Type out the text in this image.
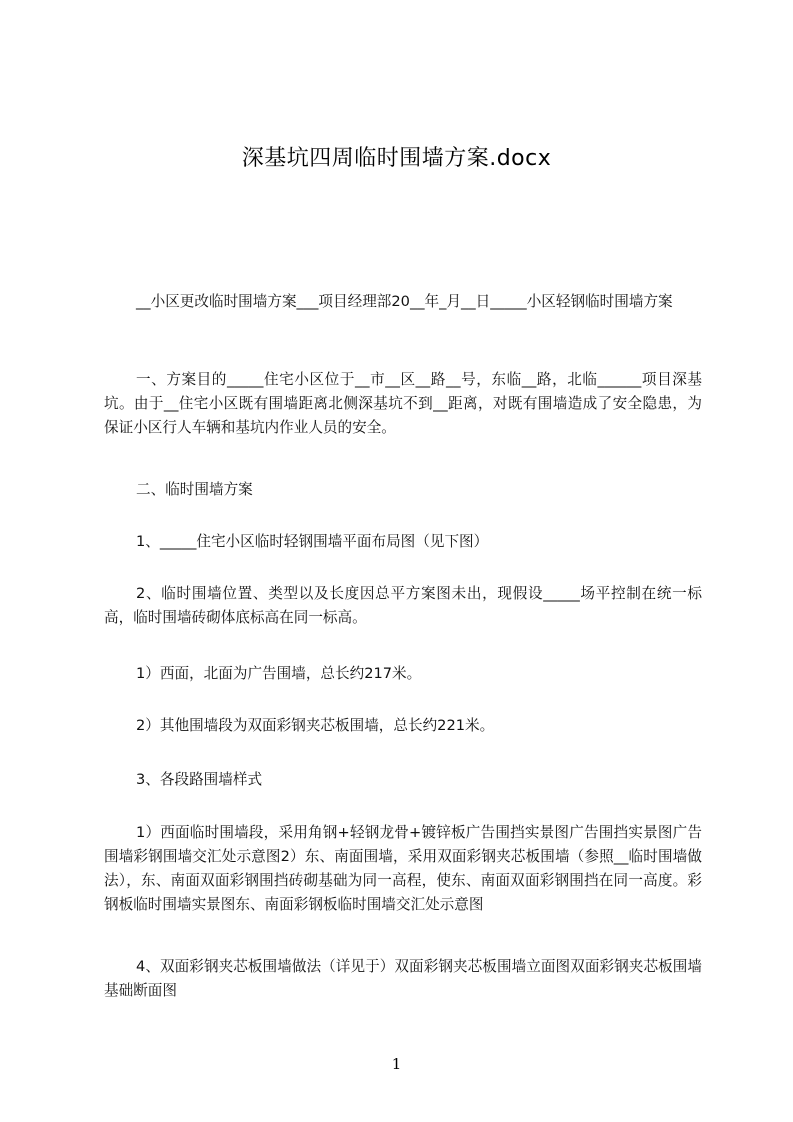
深基坑四周临时围墙方案.docx
__小区更改临时围墙方案___项目经理部20__年_月__日_____小区轻钢临时围墙方案
一、方案目的_____住宅小区位于__市__区__路__号，东临__路，北临______项目深基坑。由于__住宅小区既有围墙距离北侧深基坑不到__距离，对既有围墙造成了安全隐患，为保证小区行人车辆和基坑内作业人员的安全。
二、临时围墙方案
1、_____住宅小区临时轻钢围墙平面布局图（见下图）
2、临时围墙位置、类型以及长度因总平方案图未出，现假设_____场平控制在统一标高，临时围墙砖砌体底标高在同一标高。
1）西面，北面为广告围墙，总长约217米。
2）其他围墙段为双面彩钢夹芯板围墙，总长约221米。
3、各段路围墙样式
1）西面临时围墙段，采用角钢+轻钢龙骨+镀锌板广告围挡实景图广告围挡实景图广告围墙彩钢围墙交汇处示意图2）东、南面围墙，采用双面彩钢夹芯板围墙（参照__临时围墙做法），东、南面双面彩钢围挡砖砌基础为同一高程，使东、南面双面彩钢围挡在同一高度。彩钢板临时围墙实景图东、南面彩钢板临时围墙交汇处示意图
4、双面彩钢夹芯板围墙做法（详见于）双面彩钢夹芯板围墙立面图双面彩钢夹芯板围墙基础断面图
1
